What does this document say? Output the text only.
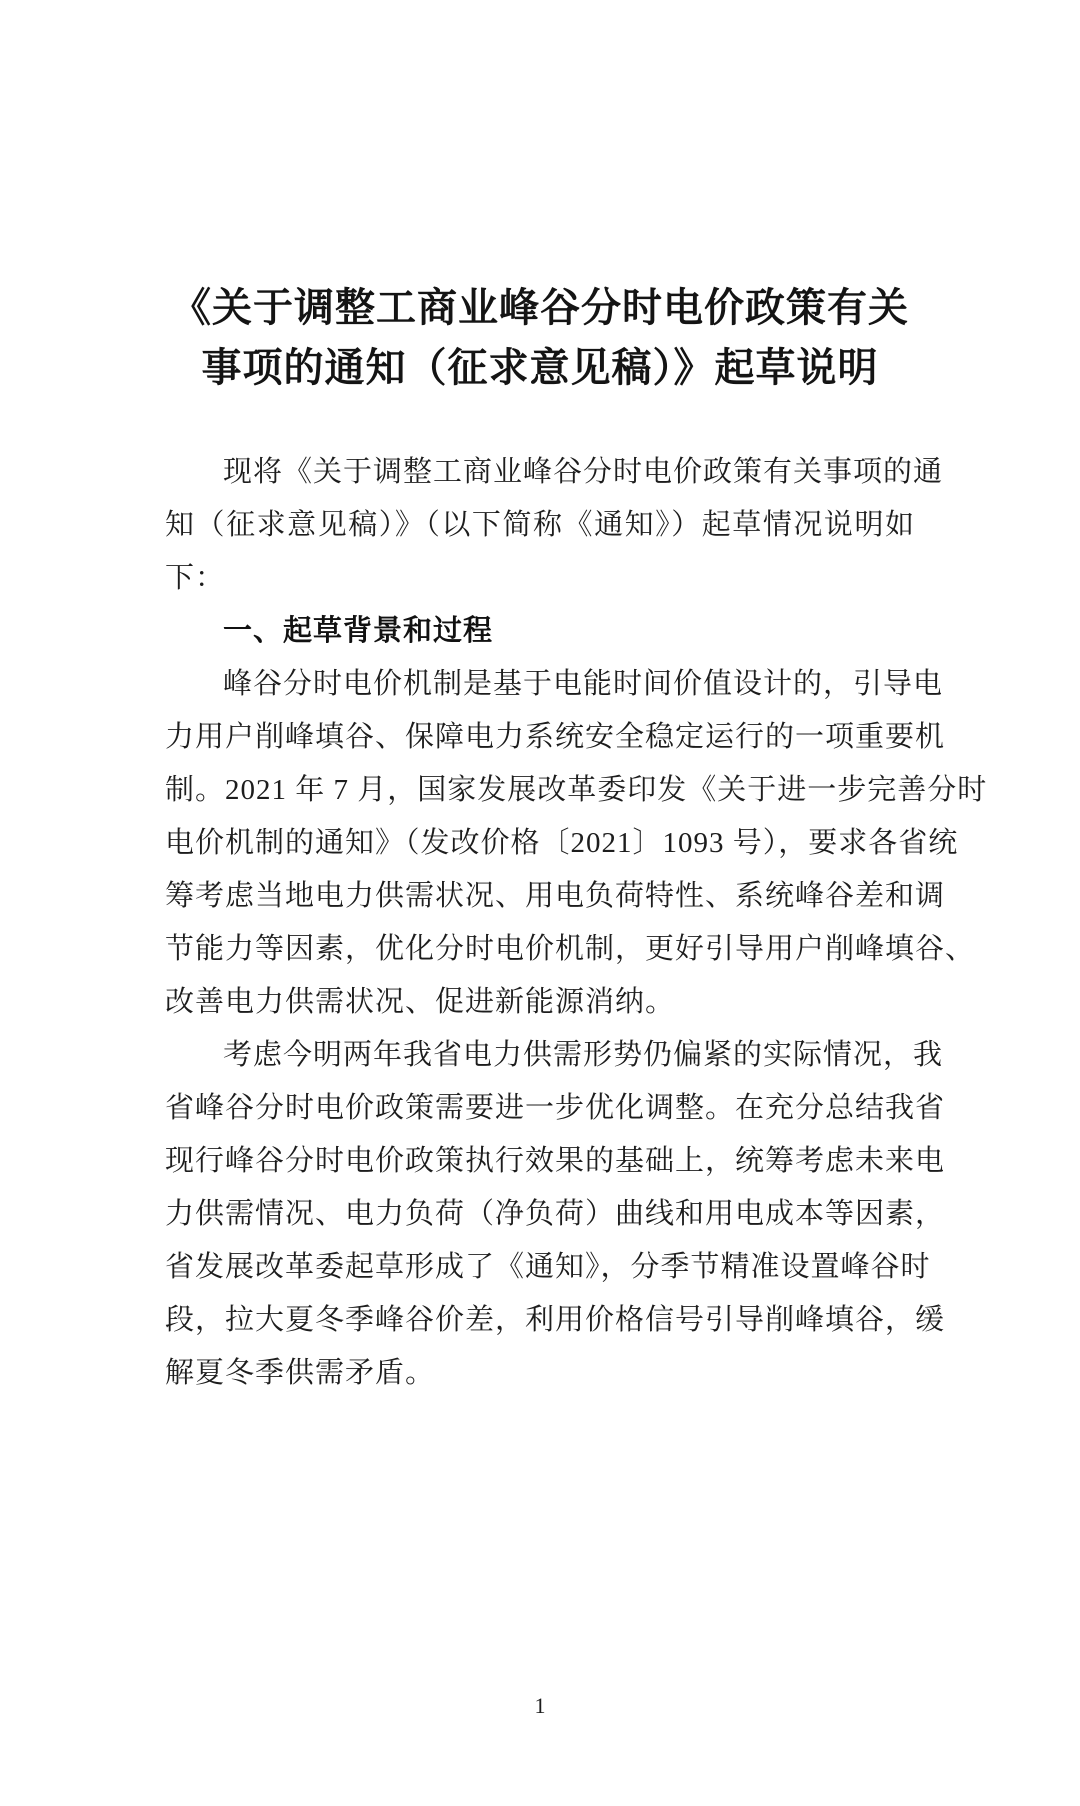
《关于调整工商业峰谷分时电价政策有关
事项的通知（征求意见稿）》起草说明
现将《关于调整工商业峰谷分时电价政策有关事项的通
知（征求意见稿）》（以下简称《通知》）起草情况说明如
下：
一、起草背景和过程
峰谷分时电价机制是基于电能时间价值设计的，引导电
力用户削峰填谷、保障电力系统安全稳定运行的一项重要机
制。2021 年 7 月，国家发展改革委印发《关于进一步完善分时
电价机制的通知》（发改价格〔2021〕1093 号），要求各省统
筹考虑当地电力供需状况、用电负荷特性、系统峰谷差和调
节能力等因素，优化分时电价机制，更好引导用户削峰填谷、
改善电力供需状况、促进新能源消纳。
考虑今明两年我省电力供需形势仍偏紧的实际情况，我
省峰谷分时电价政策需要进一步优化调整。在充分总结我省
现行峰谷分时电价政策执行效果的基础上，统筹考虑未来电
力供需情况、电力负荷（净负荷）曲线和用电成本等因素，
省发展改革委起草形成了《通知》，分季节精准设置峰谷时
段，拉大夏冬季峰谷价差，利用价格信号引导削峰填谷，缓
解夏冬季供需矛盾。
1
